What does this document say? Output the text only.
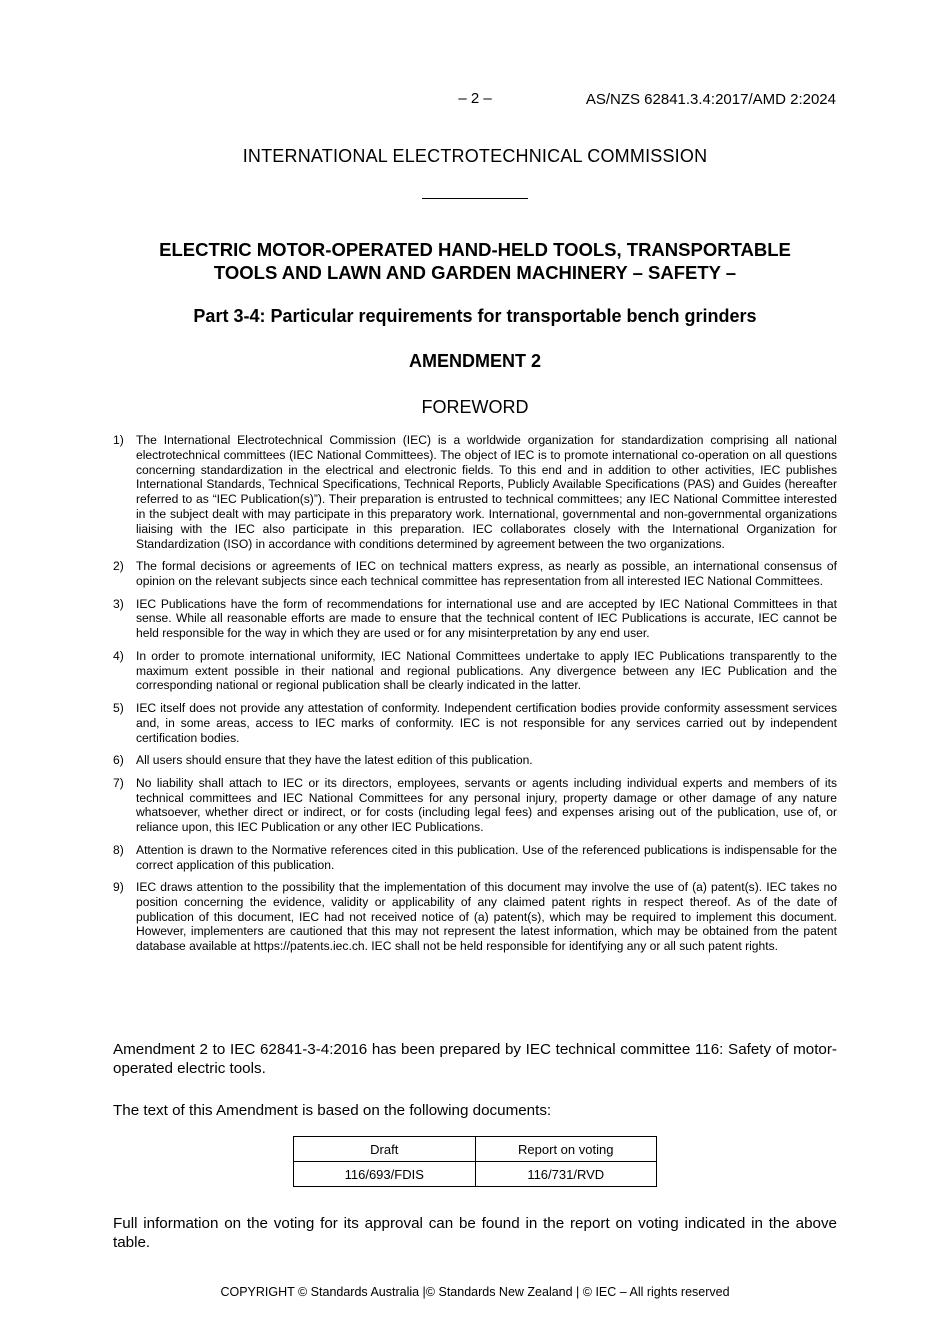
– 2 –	AS/NZS 62841.3.4:2017/AMD 2:2024
INTERNATIONAL ELECTROTECHNICAL COMMISSION
ELECTRIC MOTOR-OPERATED HAND-HELD TOOLS, TRANSPORTABLE
TOOLS AND LAWN AND GARDEN MACHINERY – SAFETY –
Part 3-4: Particular requirements for transportable bench grinders
AMENDMENT 2
FOREWORD
1) The International Electrotechnical Commission (IEC) is a worldwide organization for standardization comprising all national electrotechnical committees (IEC National Committees). The object of IEC is to promote international co-operation on all questions concerning standardization in the electrical and electronic fields. To this end and in addition to other activities, IEC publishes International Standards, Technical Specifications, Technical Reports, Publicly Available Specifications (PAS) and Guides (hereafter referred to as “IEC Publication(s)”). Their preparation is entrusted to technical committees; any IEC National Committee interested in the subject dealt with may participate in this preparatory work. International, governmental and non-governmental organizations liaising with the IEC also participate in this preparation. IEC collaborates closely with the International Organization for Standardization (ISO) in accordance with conditions determined by agreement between the two organizations.
2) The formal decisions or agreements of IEC on technical matters express, as nearly as possible, an international consensus of opinion on the relevant subjects since each technical committee has representation from all interested IEC National Committees.
3) IEC Publications have the form of recommendations for international use and are accepted by IEC National Committees in that sense. While all reasonable efforts are made to ensure that the technical content of IEC Publications is accurate, IEC cannot be held responsible for the way in which they are used or for any misinterpretation by any end user.
4) In order to promote international uniformity, IEC National Committees undertake to apply IEC Publications transparently to the maximum extent possible in their national and regional publications. Any divergence between any IEC Publication and the corresponding national or regional publication shall be clearly indicated in the latter.
5) IEC itself does not provide any attestation of conformity. Independent certification bodies provide conformity assessment services and, in some areas, access to IEC marks of conformity. IEC is not responsible for any services carried out by independent certification bodies.
6) All users should ensure that they have the latest edition of this publication.
7) No liability shall attach to IEC or its directors, employees, servants or agents including individual experts and members of its technical committees and IEC National Committees for any personal injury, property damage or other damage of any nature whatsoever, whether direct or indirect, or for costs (including legal fees) and expenses arising out of the publication, use of, or reliance upon, this IEC Publication or any other IEC Publications.
8) Attention is drawn to the Normative references cited in this publication. Use of the referenced publications is indispensable for the correct application of this publication.
9) IEC draws attention to the possibility that the implementation of this document may involve the use of (a) patent(s). IEC takes no position concerning the evidence, validity or applicability of any claimed patent rights in respect thereof. As of the date of publication of this document, IEC had not received notice of (a) patent(s), which may be required to implement this document. However, implementers are cautioned that this may not represent the latest information, which may be obtained from the patent database available at https://patents.iec.ch. IEC shall not be held responsible for identifying any or all such patent rights.

Amendment 2 to IEC 62841-3-4:2016 has been prepared by IEC technical committee 116: Safety of motor-operated electric tools.

The text of this Amendment is based on the following documents:

Draft	Report on voting
116/693/FDIS	116/731/RVD

Full information on the voting for its approval can be found in the report on voting indicated in the above table.

COPYRIGHT © Standards Australia |© Standards New Zealand | © IEC – All rights reserved
